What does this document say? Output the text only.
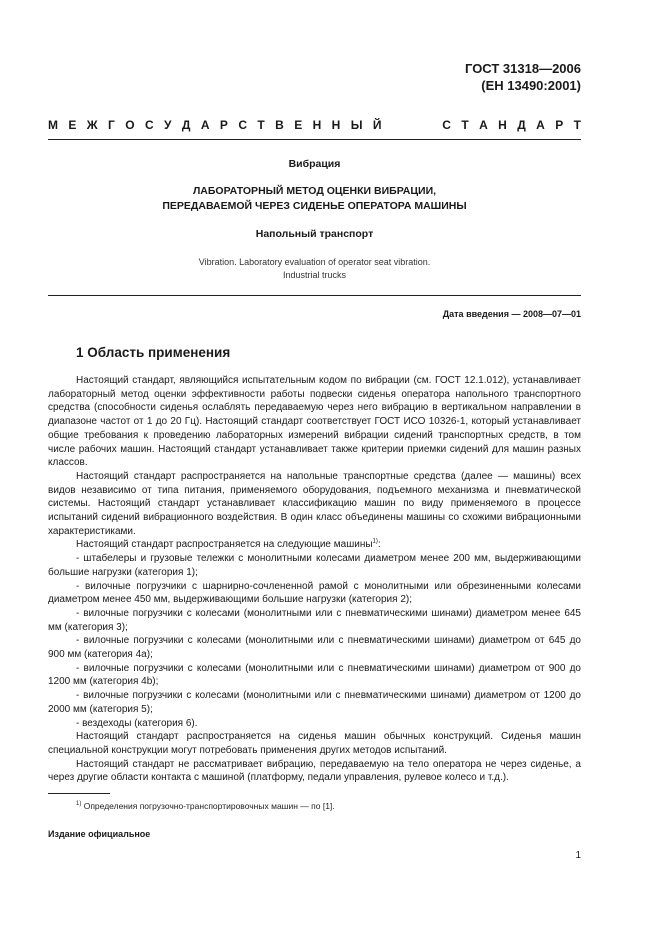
ГОСТ 31318—2006
(ЕН 13490:2001)
М Е Ж Г О С У Д А Р С Т В Е Н Н Ы Й	С Т А Н Д А Р Т
Вибрация
ЛАБОРАТОРНЫЙ МЕТОД ОЦЕНКИ ВИБРАЦИИ,
ПЕРЕДАВАЕМОЙ ЧЕРЕЗ СИДЕНЬЕ ОПЕРАТОРА МАШИНЫ
Напольный транспорт
Vibration. Laboratory evaluation of operator seat vibration.
Industrial trucks
Дата введения — 2008—07—01
1 Область применения

Настоящий стандарт, являющийся испытательным кодом по вибрации (см. ГОСТ 12.1.012), устанавливает лабораторный метод оценки эффективности работы подвески сиденья оператора напольного транспортного средства (способности сиденья ослаблять передаваемую через него вибрацию в вертикальном направлении в диапазоне частот от 1 до 20 Гц). Настоящий стандарт соответствует ГОСТ ИСО 10326-1, который устанавливает общие требования к проведению лабораторных измерений вибрации сидений транспортных средств, в том числе рабочих машин. Настоящий стандарт устанавливает также критерии приемки сидений для машин разных классов.

Настоящий стандарт распространяется на напольные транспортные средства (далее — машины) всех видов независимо от типа питания, применяемого оборудования, подъемного механизма и пневматической системы. Настоящий стандарт устанавливает классификацию машин по виду применяемого в процессе испытаний сидений вибрационного воздействия. В один класс объединены машины со схожими вибрационными характеристиками.

Настоящий стандарт распространяется на следующие машины$^{1)}$:

- штабелеры и грузовые тележки с монолитными колесами диаметром менее 200 мм, выдерживающими большие нагрузки (категория 1);

- вилочные погрузчики с шарнирно-сочлененной рамой с монолитными или обрезиненными колесами диаметром менее 450 мм, выдерживающими большие нагрузки (категория 2);

- вилочные погрузчики с колесами (монолитными или с пневматическими шинами) диаметром менее 645 мм (категория 3);

- вилочные погрузчики с колесами (монолитными или с пневматическими шинами) диаметром от 645 до 900 мм (категория 4a);

- вилочные погрузчики с колесами (монолитными или с пневматическими шинами) диаметром от 900 до 1200 мм (категория 4b);

- вилочные погрузчики с колесами (монолитными или с пневматическими шинами) диаметром от 1200 до 2000 мм (категория 5);

- вездеходы (категория 6).

Настоящий стандарт распространяется на сиденья машин обычных конструкций. Сиденья машин специальной конструкции могут потребовать применения других методов испытаний.

Настоящий стандарт не рассматривает вибрацию, передаваемую на тело оператора не через сиденье, а через другие области контакта с машиной (платформу, педали управления, рулевое колесо и т.д.).

$^{1)}$ Определения погрузочно-транспортировочных машин — по [1].
Издание официальное
1
